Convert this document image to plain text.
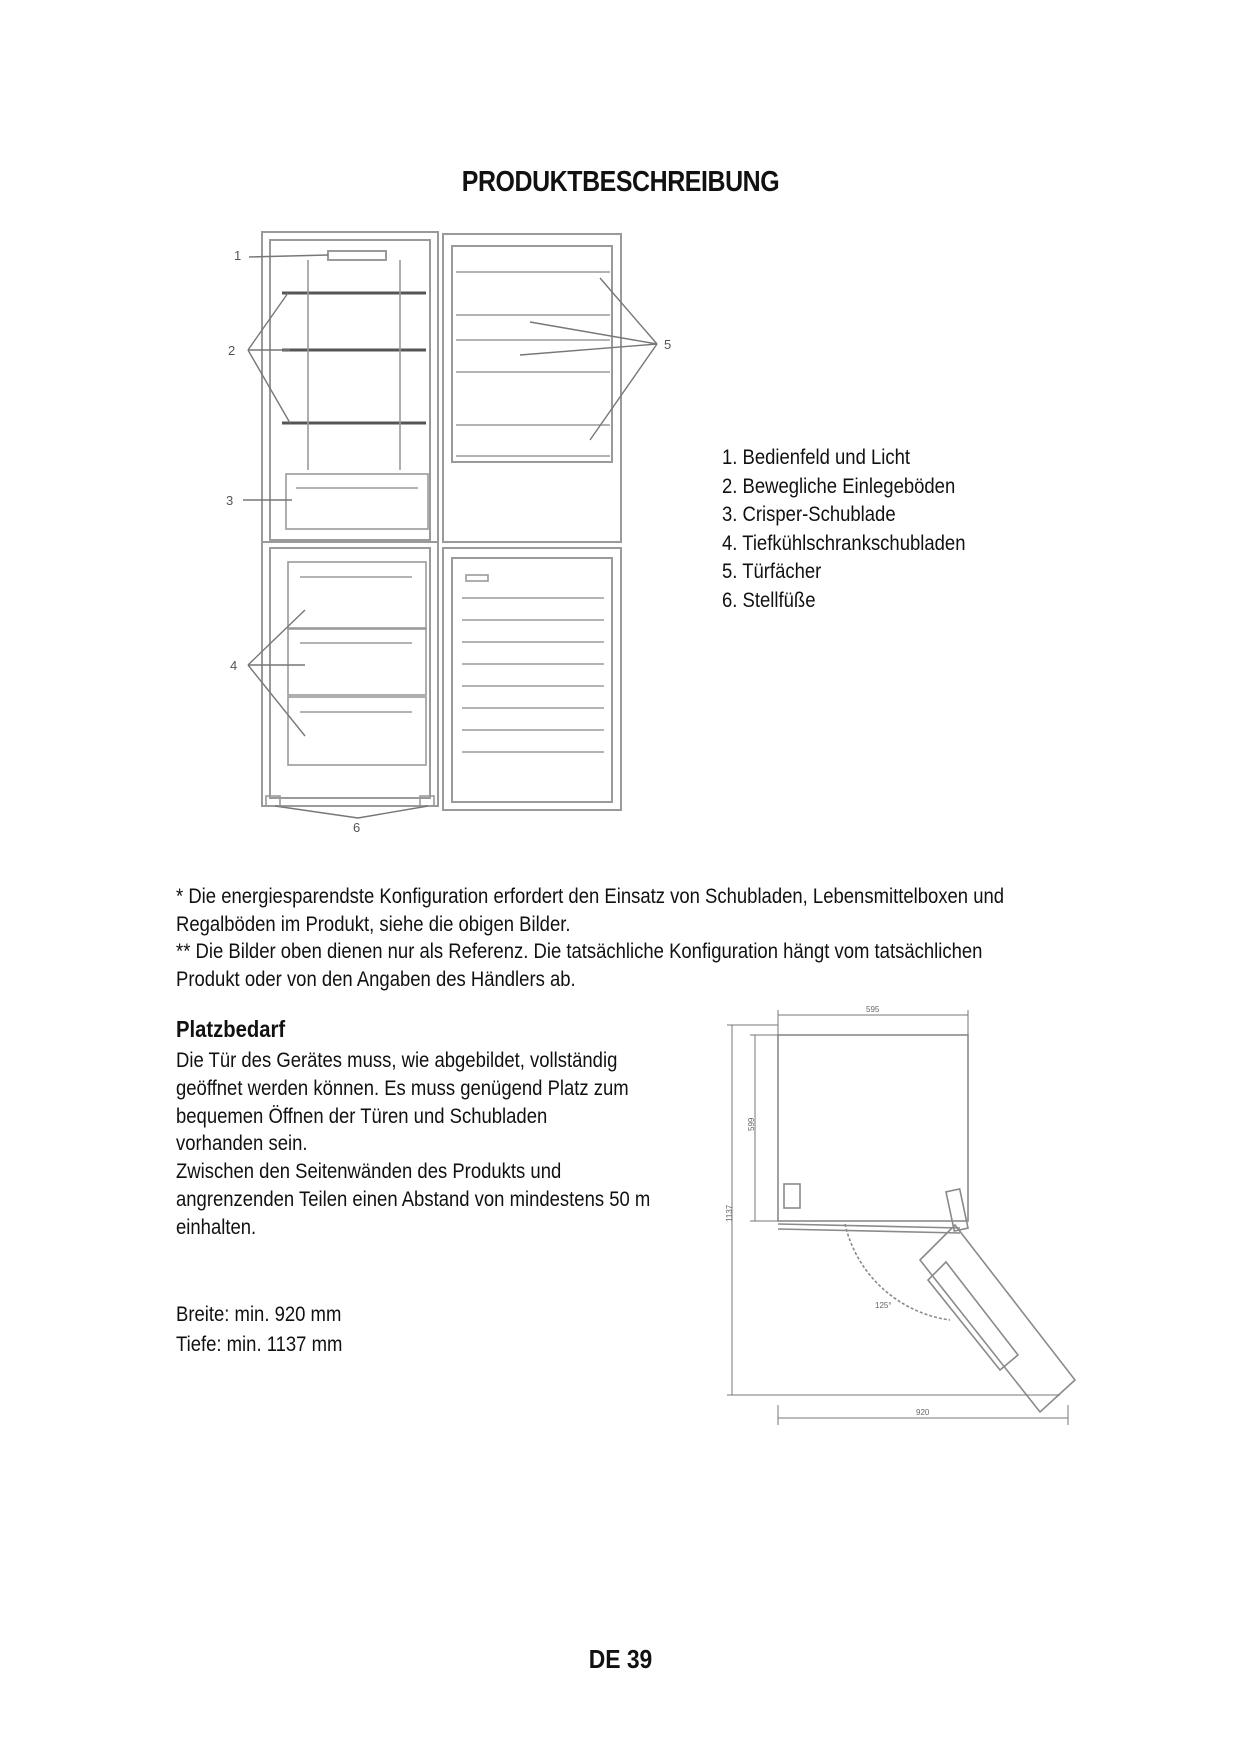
PRODUKTBESCHREIBUNG
1
2
3
4
5
6
1. Bedienfeld und Licht
2. Bewegliche Einlegeböden
3. Crisper-Schublade
4. Tiefkühlschrankschubladen
5. Türfächer
6. Stellfüße

* Die energiesparendste Konfiguration erfordert den Einsatz von Schubladen, Lebensmittelboxen und

Regalböden im Produkt, siehe die obigen Bilder.

** Die Bilder oben dienen nur als Referenz. Die tatsächliche Konfiguration hängt vom tatsächlichen

Produkt oder von den Angaben des Händlers ab.

Platzbedarf

Die Tür des Gerätes muss, wie abgebildet, vollständig

geöffnet werden können. Es muss genügend Platz zum

bequemen Öffnen der Türen und Schubladen

vorhanden sein.

Zwischen den Seitenwänden des Produkts und

angrenzenden Teilen einen Abstand von mindestens 50 m

einhalten.

Breite: min. 920 mm

Tiefe: min. 1137 mm

595
599
1137
125°
920
DE 39
